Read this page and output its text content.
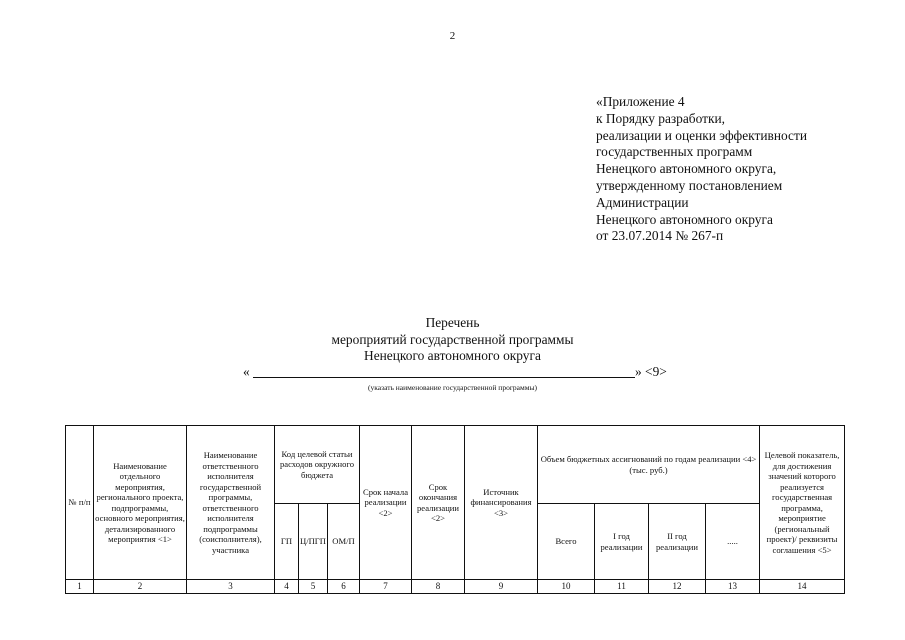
2
«Приложение 4
к Порядку разработки,
реализации и оценки эффективности
государственных программ
Ненецкого автономного округа,
утвержденному постановлением
Администрации
Ненецкого автономного округа
от 23.07.2014 № 267-п
Перечень
мероприятий государственной программы
Ненецкого автономного округа
«	» <9>
(указать наименование государственной программы)
№ п/п	Наименование отдельного мероприятия, регионального проекта, подпрограммы, основного мероприятия, детализированного мероприятия <1>	Наименование ответственного исполнителя государственной программы, ответственного исполнителя подпрограммы (соисполнителя), участника	Код целевой статьи расходов окружного бюджета			Срок начала реализации <2>	Срок окончания реализации <2>	Источник финансирования <3>	Объем бюджетных ассигнований по годам реализации <4> (тыс. руб.)				Целевой показатель, для достижения значений которого реализуется государственная программа, мероприятие (региональный проект)/ реквизиты соглашения <5>
			ГП	Ц/ПГП	ОМ/П				Всего	I год реализации	II год реализации	.....	
1	2	3	4	5	6	7	8	9	10	11	12	13	14
